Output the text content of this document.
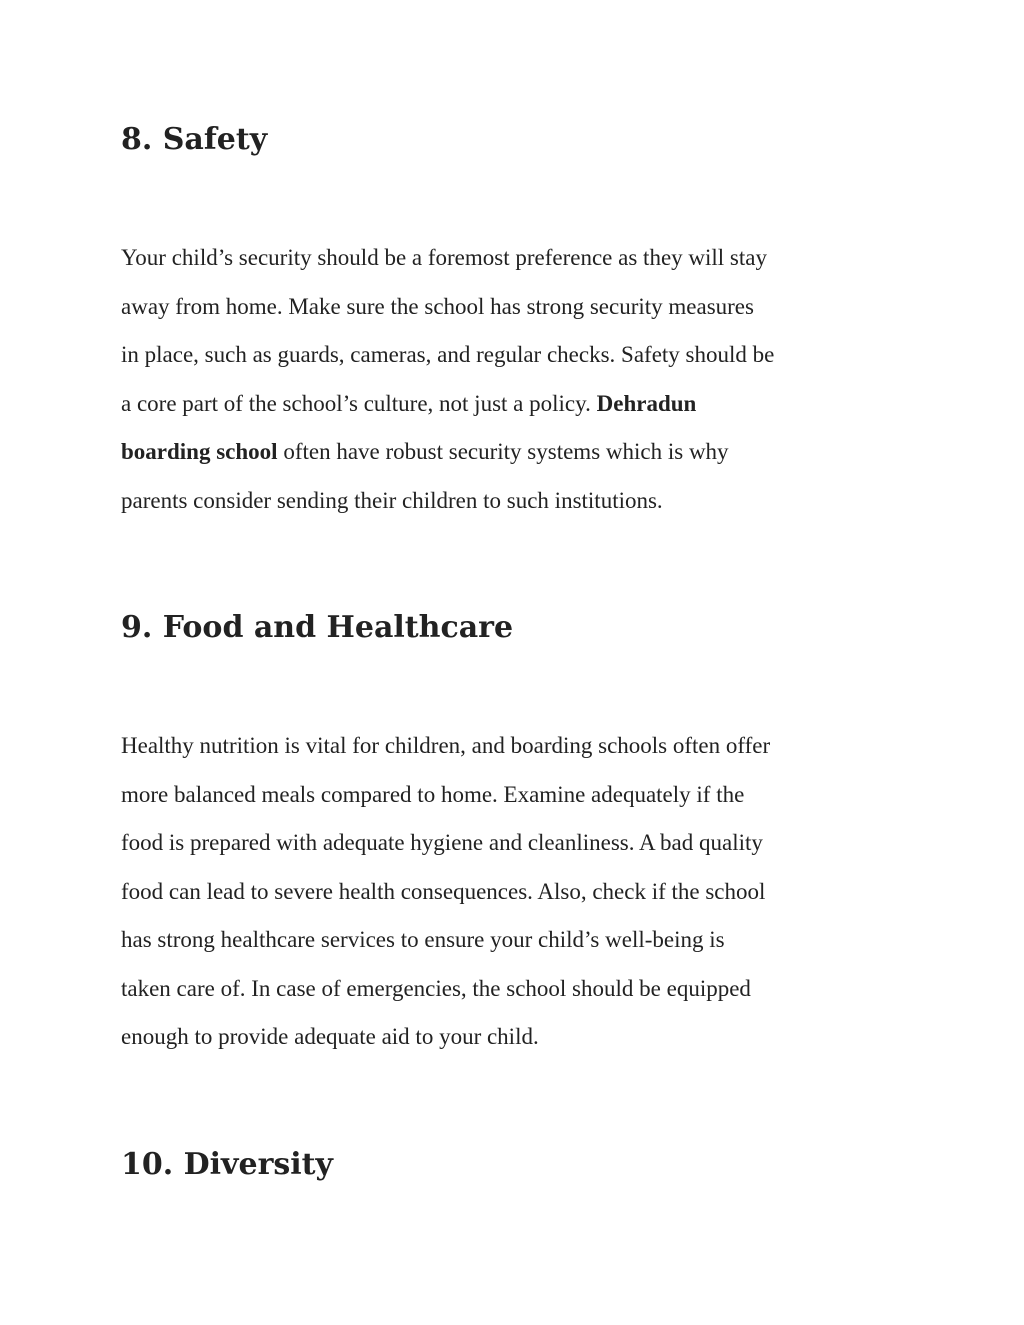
8. Safety

Your child’s security should be a foremost preference as they will stay
away from home. Make sure the school has strong security measures
in place, such as guards, cameras, and regular checks. Safety should be
a core part of the school’s culture, not just a policy. Dehradun
boarding school often have robust security systems which is why
parents consider sending their children to such institutions.

9. Food and Healthcare

Healthy nutrition is vital for children, and boarding schools often offer
more balanced meals compared to home. Examine adequately if the
food is prepared with adequate hygiene and cleanliness. A bad quality
food can lead to severe health consequences. Also, check if the school
has strong healthcare services to ensure your child’s well-being is
taken care of. In case of emergencies, the school should be equipped
enough to provide adequate aid to your child.

10. Diversity
